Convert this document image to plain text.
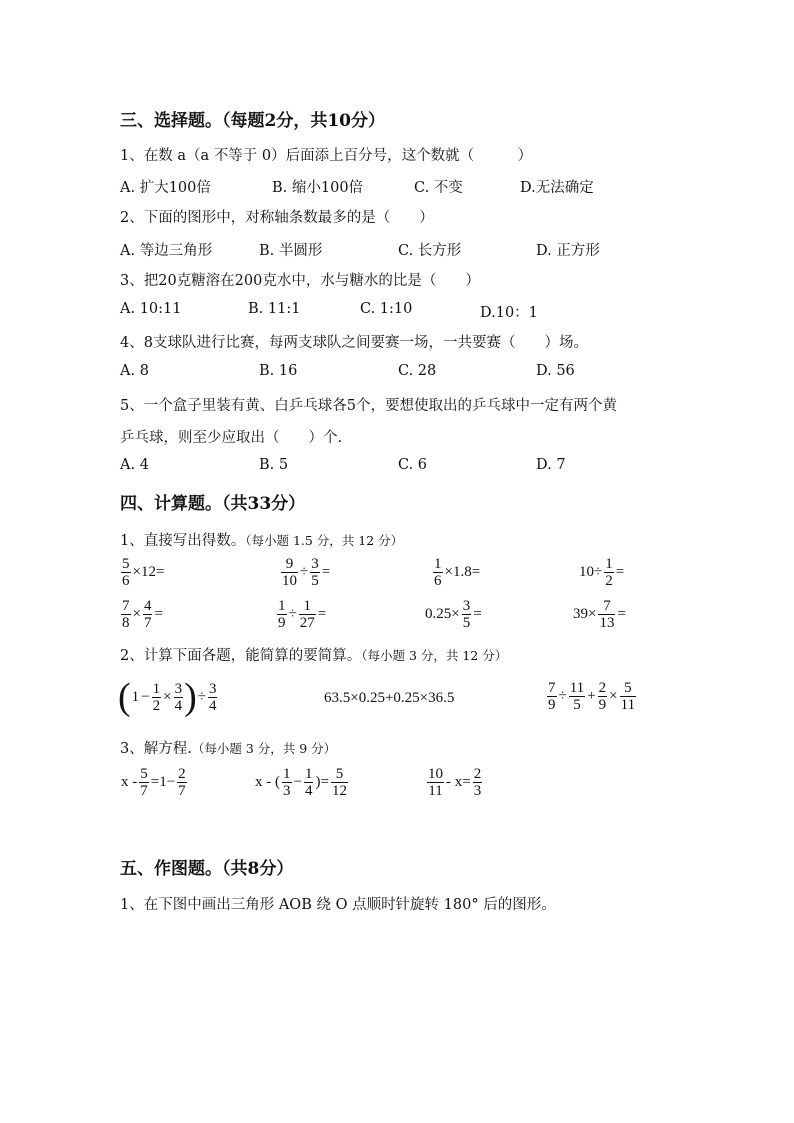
三、选择题。（每题2分，共10分）
1、在数 a（a 不等于 0）后面添上百分号，这个数就（　　　）
A. 扩大100倍	B. 缩小100倍	C. 不变	D.无法确定
2、下面的图形中，对称轴条数最多的是（　　）
A. 等边三角形	B. 半圆形	C. 长方形	D. 正方形
3、把20克糖溶在200克水中，水与糖水的比是（　　）
A. 10:11	B. 11:1	C. 1:10	D.10：1
4、8支球队进行比赛，每两支球队之间要赛一场，一共要赛（　　）场。
A. 8	B. 16	C. 28	D. 56
5、一个盒子里装有黄、白乒乓球各5个，要想使取出的乒乓球中一定有两个黄
乒乓球，则至少应取出（　　）个.
A. 4	B. 5	C. 6	D. 7
四、计算题。（共33分）
1、直接写出得数。（每小题 1.5 分，共 12 分）
$\frac{5}{6} \times 12=$	$\frac{9}{10} \div \frac{3}{5}$ =	$\frac{1}{6} \times 1.8=$	$10\div \frac{1}{2}$ =
$\frac{7}{8} \times \frac{4}{7}$ =	$\frac{1}{9} \div \frac{1}{27}$ =	$0.25\times \frac{3}{5}$ =	$39\times \frac{7}{13}$ =
2、计算下面各题，能简算的要简算。（每小题 3 分，共 12 分）
($1 - \frac{1}{2} \times \frac{3}{4}$ )÷ $\frac{3}{4}$	63.5×0.25+0.25×36.5	$\frac{7}{9} \div \frac{11}{5} + \frac{2}{9} \times \frac{5}{11}$
3、解方程.（每小题 3 分，共 9 分）
$x - \frac{5}{7} =1- \frac{2}{7}$	x - ( $\frac{1}{3} - \frac{1}{4}$ )= $\frac{5}{12}$	$\frac{10}{11} - x= \frac{2}{3}$
五、作图题。（共8分）
1、在下图中画出三角形 AOB 绕 O 点顺时针旋转 180° 后的图形。
